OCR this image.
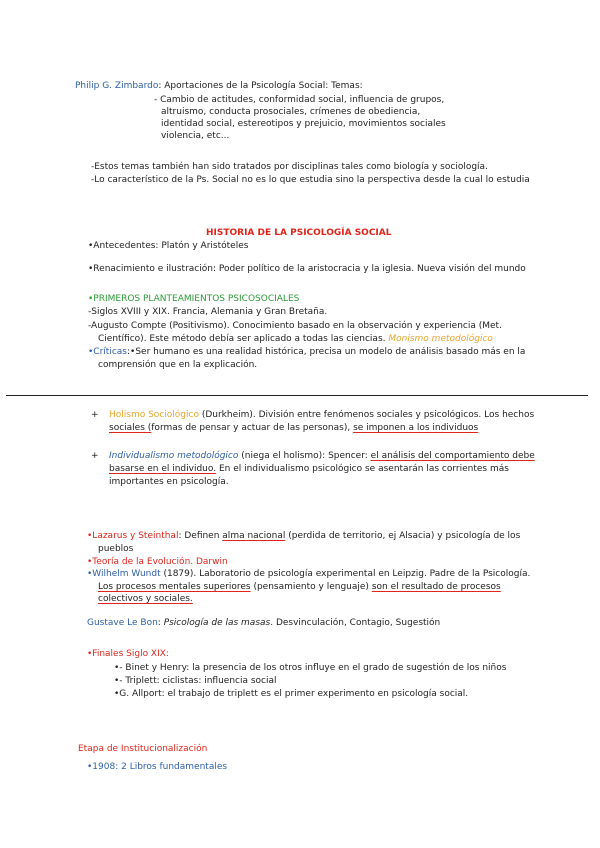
Philip G. Zimbardo: Aportaciones de la Psicología Social: Temas:
- Cambio de actitudes, conformidad social, influencia de grupos,
altruismo, conducta prosociales, crímenes de obediencia,
identidad social, estereotipos y prejuicio, movimientos sociales
violencia, etc...
-Estos temas también han sido tratados por disciplinas tales como biología y sociología.
-Lo característico de la Ps. Social no es lo que estudia sino la perspectiva desde la cual lo estudia
HISTORIA DE LA PSICOLOGÍA SOCIAL
•Antecedentes: Platón y Aristóteles
•Renacimiento e ilustración: Poder político de la aristocracia y la iglesia. Nueva visión del mundo
•PRIMEROS PLANTEAMIENTOS PSICOSOCIALES
-Siglos XVIII y XIX. Francia, Alemania y Gran Bretaña.
-Augusto Compte (Positivismo). Conocimiento basado en la observación y experiencia (Met.
Científico). Este método debía ser aplicado a todas las ciencias. Monismo metodológico
•Críticas:•Ser humano es una realidad histórica, precisa un modelo de análisis basado más en la
comprensión que en la explicación.
+ Holismo Sociológico (Durkheim). División entre fenómenos sociales y psicológicos. Los hechos
sociales (formas de pensar y actuar de las personas), se imponen a los individuos
+ Individualismo metodológico (niega el holismo): Spencer: el análisis del comportamiento debe
basarse en el individuo. En el individualismo psicológico se asentarán las corrientes más
importantes en psicología.
•Lazarus y Steinthal: Definen alma nacional (perdida de territorio, ej Alsacia) y psicología de los
pueblos
•Teoría de la Evolución. Darwin
•Wilhelm Wundt (1879). Laboratorio de psicología experimental en Leipzig. Padre de la Psicología.
Los procesos mentales superiores (pensamiento y lenguaje) son el resultado de procesos
colectivos y sociales.
Gustave Le Bon: Psicología de las masas. Desvinculación, Contagio, Sugestión
•Finales Siglo XIX:
•- Binet y Henry: la presencia de los otros influye en el grado de sugestión de los niños
•- Triplett: ciclistas: influencia social
•G. Allport: el trabajo de triplett es el primer experimento en psicología social.
Etapa de Institucionalización
•1908: 2 Libros fundamentales
